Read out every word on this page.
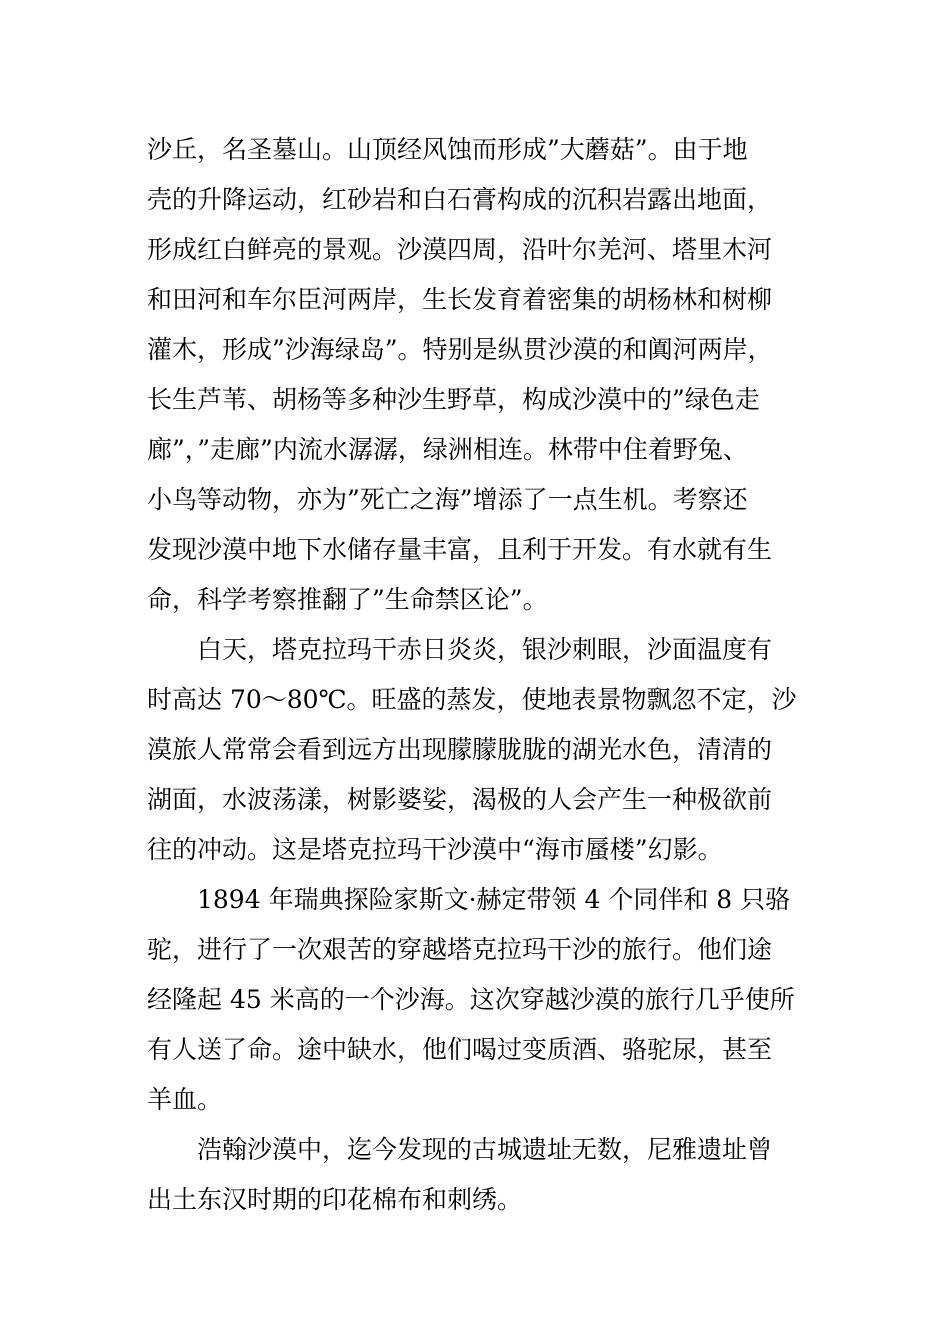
沙丘，名圣墓山。山顶经风蚀而形成”大蘑菇”。由于地
壳的升降运动，红砂岩和白石膏构成的沉积岩露出地面，
形成红白鲜亮的景观。沙漠四周，沿叶尔羌河、塔里木河
和田河和车尔臣河两岸，生长发育着密集的胡杨林和树柳
灌木，形成”沙海绿岛”。特别是纵贯沙漠的和阗河两岸，
长生芦苇、胡杨等多种沙生野草，构成沙漠中的”绿色走
廊”，”走廊”内流水潺潺，绿洲相连。林带中住着野兔、
小鸟等动物，亦为”死亡之海”增添了一点生机。考察还
发现沙漠中地下水储存量丰富，且利于开发。有水就有生
命，科学考察推翻了”生命禁区论”。
白天，塔克拉玛干赤日炎炎，银沙刺眼，沙面温度有
时高达 70～80℃。旺盛的蒸发，使地表景物飘忽不定，沙
漠旅人常常会看到远方出现朦朦胧胧的湖光水色，清清的
湖面，水波荡漾，树影婆娑，渴极的人会产生一种极欲前
往的冲动。这是塔克拉玛干沙漠中“海市蜃楼”幻影。
1894 年瑞典探险家斯文·赫定带领 4 个同伴和 8 只骆
驼，进行了一次艰苦的穿越塔克拉玛干沙的旅行。他们途
经隆起 45 米高的一个沙海。这次穿越沙漠的旅行几乎使所
有人送了命。途中缺水，他们喝过变质酒、骆驼尿，甚至
羊血。
浩翰沙漠中，迄今发现的古城遗址无数，尼雅遗址曾
出土东汉时期的印花棉布和刺绣。
